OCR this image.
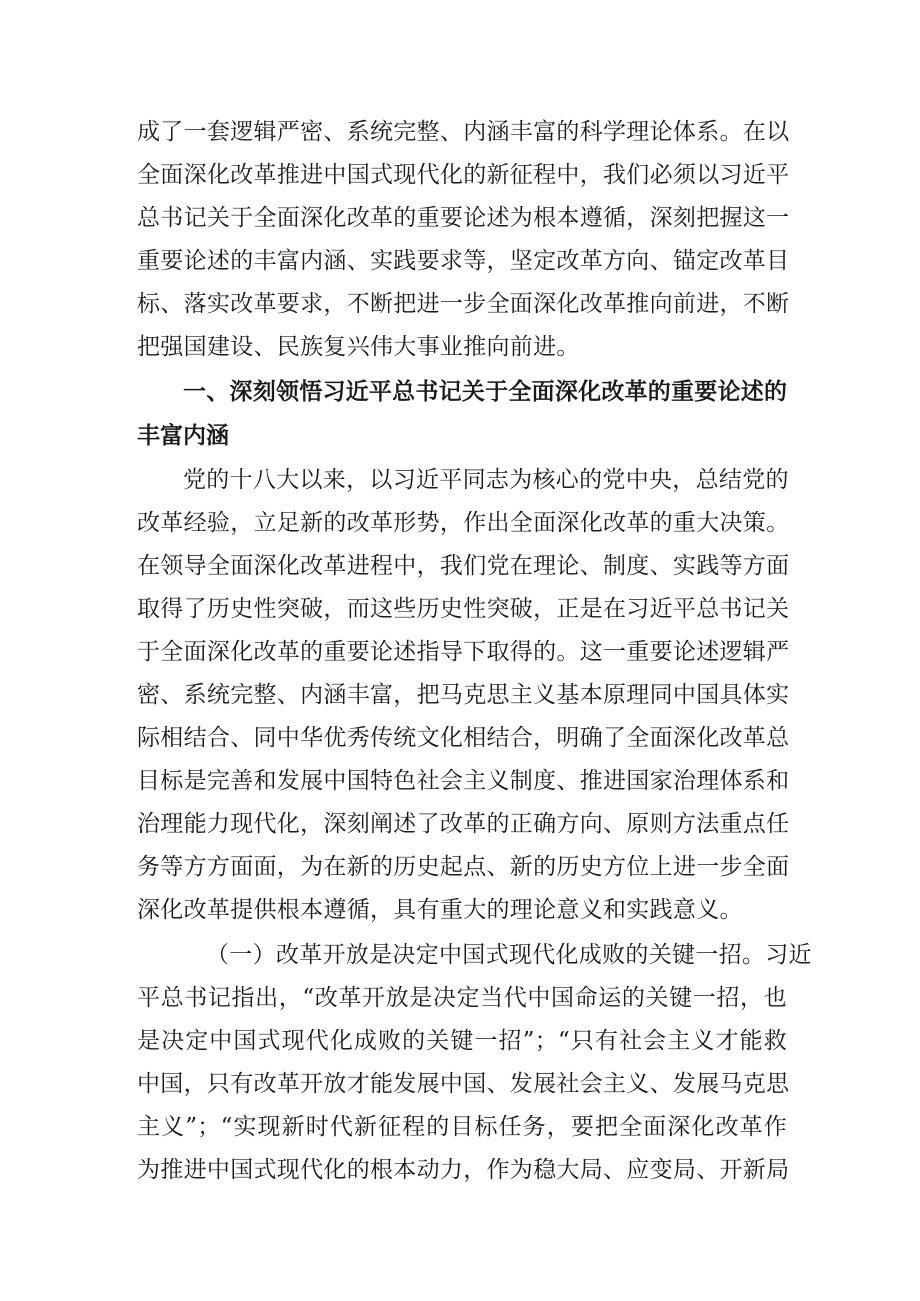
成了一套逻辑严密、系统完整、内涵丰富的科学理论体系。在以
全面深化改革推进中国式现代化的新征程中，我们必须以习近平
总书记关于全面深化改革的重要论述为根本遵循，深刻把握这一
重要论述的丰富内涵、实践要求等，坚定改革方向、锚定改革目
标、落实改革要求，不断把进一步全面深化改革推向前进，不断
把强国建设、民族复兴伟大事业推向前进。
一、深刻领悟习近平总书记关于全面深化改革的重要论述的
丰富内涵
党的十八大以来，以习近平同志为核心的党中央，总结党的
改革经验，立足新的改革形势，作出全面深化改革的重大决策。
在领导全面深化改革进程中，我们党在理论、制度、实践等方面
取得了历史性突破，而这些历史性突破，正是在习近平总书记关
于全面深化改革的重要论述指导下取得的。这一重要论述逻辑严
密、系统完整、内涵丰富，把马克思主义基本原理同中国具体实
际相结合、同中华优秀传统文化相结合，明确了全面深化改革总
目标是完善和发展中国特色社会主义制度、推进国家治理体系和
治理能力现代化，深刻阐述了改革的正确方向、原则方法重点任
务等方方面面，为在新的历史起点、新的历史方位上进一步全面
深化改革提供根本遵循，具有重大的理论意义和实践意义。
（一）改革开放是决定中国式现代化成败的关键一招。习近
平总书记指出，“改革开放是决定当代中国命运的关键一招，也
是决定中国式现代化成败的关键一招”；“只有社会主义才能救
中国，只有改革开放才能发展中国、发展社会主义、发展马克思
主义”；“实现新时代新征程的目标任务，要把全面深化改革作
为推进中国式现代化的根本动力，作为稳大局、应变局、开新局
